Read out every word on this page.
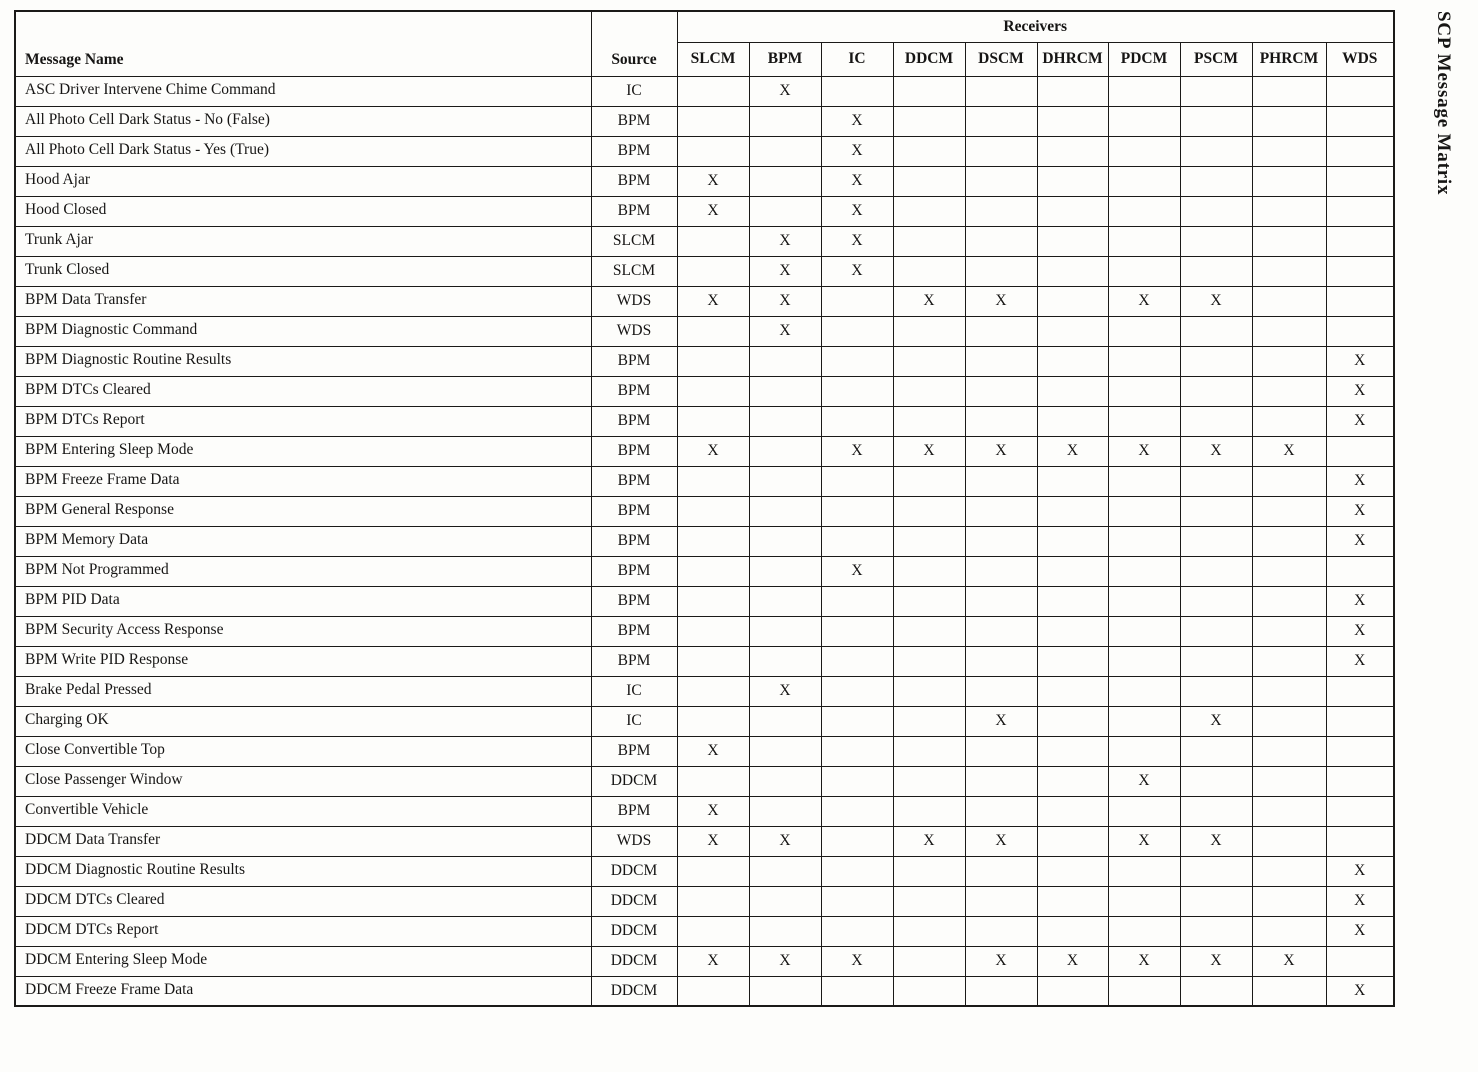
Message Name	Source	Receivers									
		SLCM	BPM	IC	DDCM	DSCM	DHRCM	PDCM	PSCM	PHRCM	WDS
ASC Driver Intervene Chime Command	IC		X								
All Photo Cell Dark Status - No (False)	BPM			X							
All Photo Cell Dark Status - Yes (True)	BPM			X							
Hood Ajar	BPM	X		X							
Hood Closed	BPM	X		X							
Trunk Ajar	SLCM		X	X							
Trunk Closed	SLCM		X	X							
BPM Data Transfer	WDS	X	X		X	X		X	X		
BPM Diagnostic Command	WDS		X								
BPM Diagnostic Routine Results	BPM										X
BPM DTCs Cleared	BPM										X
BPM DTCs Report	BPM										X
BPM Entering Sleep Mode	BPM	X		X	X	X	X	X	X	X	
BPM Freeze Frame Data	BPM										X
BPM General Response	BPM										X
BPM Memory Data	BPM										X
BPM Not Programmed	BPM			X							
BPM PID Data	BPM										X
BPM Security Access Response	BPM										X
BPM Write PID Response	BPM										X
Brake Pedal Pressed	IC		X								
Charging OK	IC					X			X		
Close Convertible Top	BPM	X									
Close Passenger Window	DDCM							X			
Convertible Vehicle	BPM	X									
DDCM Data Transfer	WDS	X	X		X	X		X	X		
DDCM Diagnostic Routine Results	DDCM										X
DDCM DTCs Cleared	DDCM										X
DDCM DTCs Report	DDCM										X
DDCM Entering Sleep Mode	DDCM	X	X	X		X	X	X	X	X	
DDCM Freeze Frame Data	DDCM										X
SCP Message Matrix
